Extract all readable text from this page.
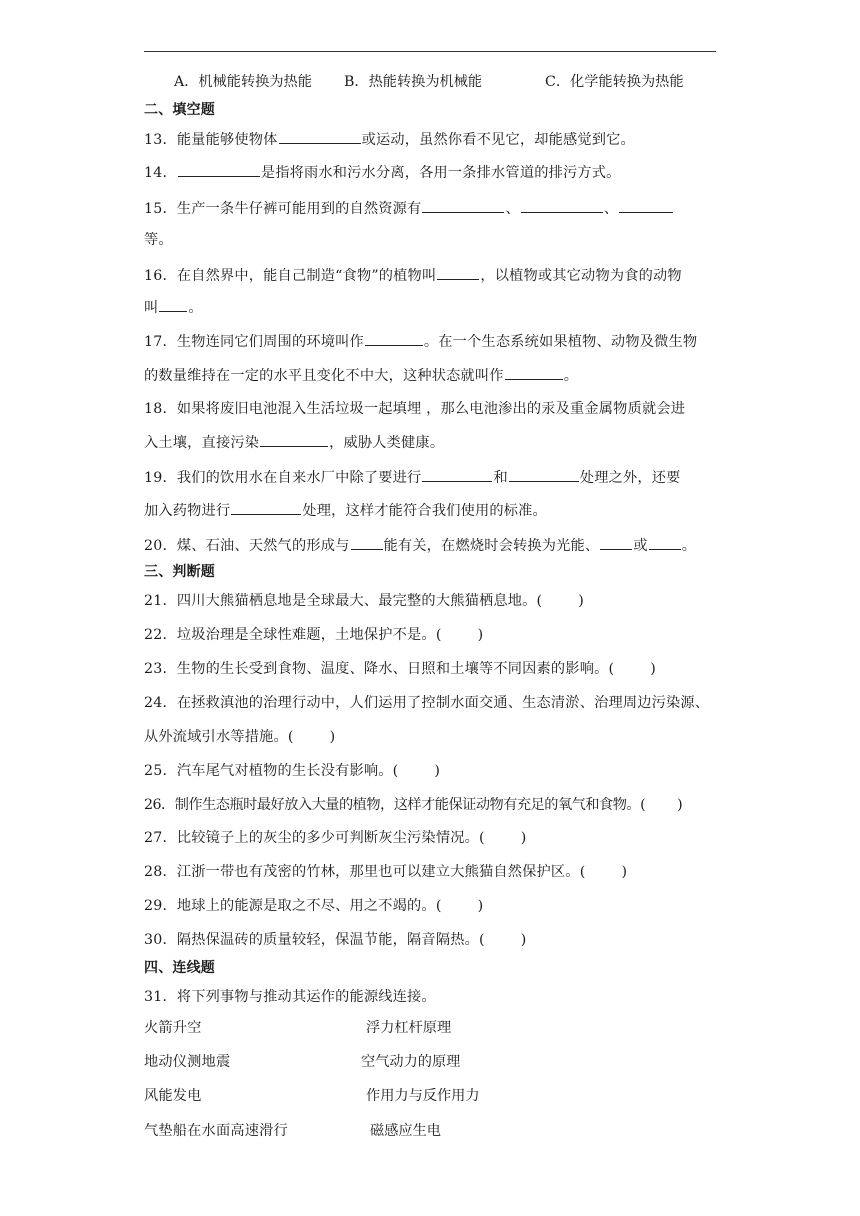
A．机械能转换为热能 B．热能转换为机械能	C．化学能转换为热能
二、填空题
13．能量能够使物体	或运动，虽然你看不见它，却能感觉到它。
14．	是指将雨水和污水分离，各用一条排水管道的排污方式。
15．生产一条牛仔裤可能用到的自然资源有	、	、
等。
16．在自然界中，能自己制造“食物”的植物叫	，以植物或其它动物为食的动物
叫 。
17．生物连同它们周围的环境叫作	。在一个生态系统如果植物、动物及微生物
的数量维持在一定的水平且变化不中大，这种状态就叫作	。
18．如果将废旧电池混入生活垃圾一起填埋 ，那么电池渗出的汞及重金属物质就会进
入土壤，直接污染	，威胁人类健康。
19．我们的饮用水在自来水厂中除了要进行	和	处理之外，还要
加入药物进行	处理，这样才能符合我们使用的标准。
20．煤、石油、天然气的形成与 能有关，在燃烧时会转换为光能、 或 。
三、判断题
21．四川大熊猫栖息地是全球最大、最完整的大熊猫栖息地。(	)
22．垃圾治理是全球性难题，土地保护不是。(	)
23．生物的生长受到食物、温度、降水、日照和土壤等不同因素的影响。(	)
24．在拯救滇池的治理行动中，人们运用了控制水面交通、生态清淤、治理周边污染源、
从外流域引水等措施。(	)
25．汽车尾气对植物的生长没有影响。(	)
26．制作生态瓶时最好放入大量的植物，这样才能保证动物有充足的氧气和食物。( )
27．比较镜子上的灰尘的多少可判断灰尘污染情况。(	)
28．江浙一带也有茂密的竹林，那里也可以建立大熊猫自然保护区。(	)
29．地球上的能源是取之不尽、用之不竭的。(	)
30．隔热保温砖的质量较轻，保温节能，隔音隔热。(	)
四、连线题
31．将下列事物与推动其运作的能源线连接。
火箭升空	浮力杠杆原理
地动仪测地震	空气动力的原理
风能发电	作用力与反作用力
气垫船在水面高速滑行	磁感应生电
